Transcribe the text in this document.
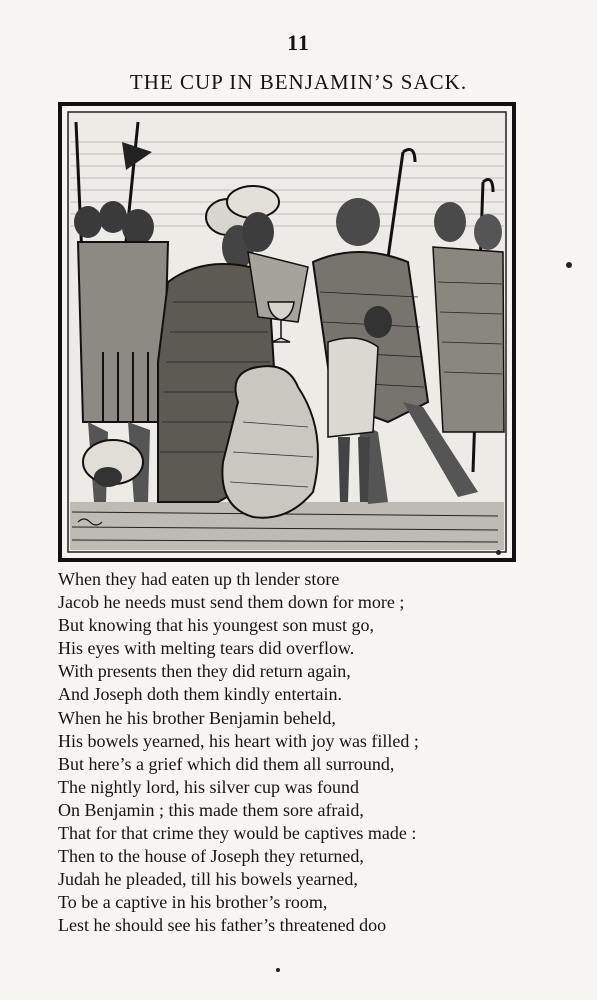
11
THE CUP IN BENJAMIN’S SACK.
When they had eaten up th lender store
Jacob he needs must send them down for more ;
But knowing that his youngest son must go,
His eyes with melting tears did overflow.
With presents then they did return again,
And Joseph doth them kindly entertain.
When he his brother Benjamin beheld,
His bowels yearned, his heart with joy was filled ;
But here’s a grief which did them all surround,
The nightly lord, his silver cup was found
On Benjamin ; this made them sore afraid,
That for that crime they would be captives made :
Then to the house of Joseph they returned,
Judah he pleaded, till his bowels yearned,
To be a captive in his brother’s room,
Lest he should see his father’s threatened doo
